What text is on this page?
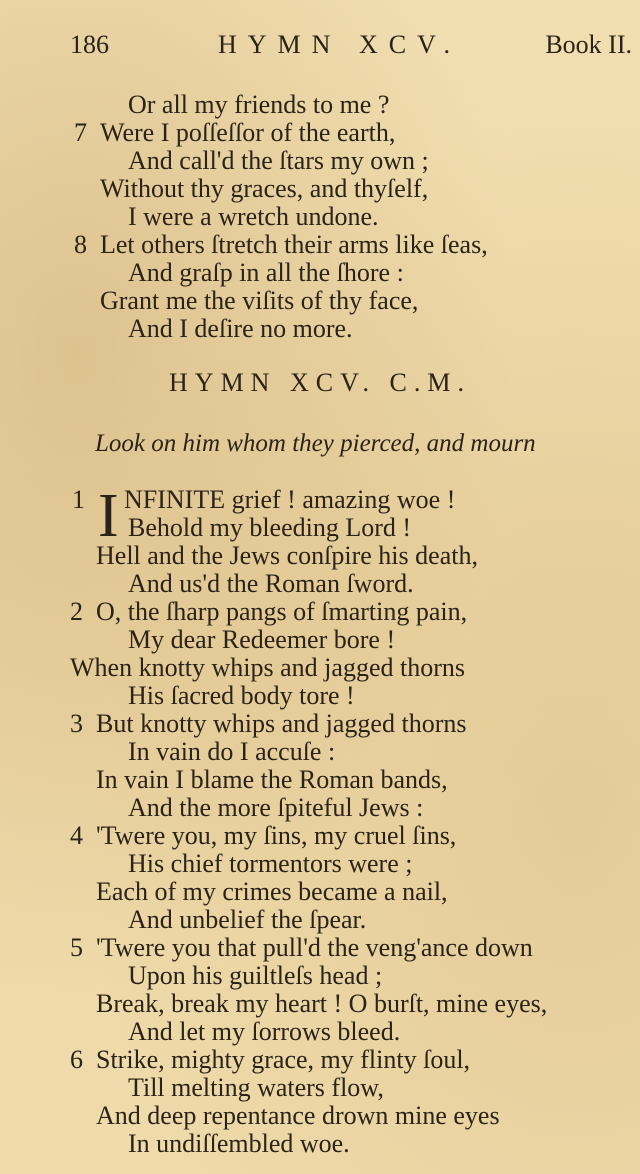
186	HYMN XCV.	Book II.
Or all my friends to me ?
7 Were I poſſeſſor of the earth,
And call'd the ſtars my own ;
Without thy graces, and thyſelf,
I were a wretch undone.
8 Let others ſtretch their arms like ſeas,
And graſp in all the ſhore :
Grant me the viſits of thy face,
And I deſire no more.
HYMN XCV. C.M.
Look on him whom they pierced, and mourn
1 I NFINITE grief ! amazing woe !
Behold my bleeding Lord !
Hell and the Jews conſpire his death,
And us'd the Roman ſword.
2 O, the ſharp pangs of ſmarting pain,
My dear Redeemer bore !
When knotty whips and jagged thorns
His ſacred body tore !
3 But knotty whips and jagged thorns
In vain do I accuſe :
In vain I blame the Roman bands,
And the more ſpiteful Jews :
4 'Twere you, my ſins, my cruel ſins,
His chief tormentors were ;
Each of my crimes became a nail,
And unbelief the ſpear.
5 'Twere you that pull'd the veng'ance down
Upon his guiltleſs head ;
Break, break my heart ! O burſt, mine eyes,
And let my ſorrows bleed.
6 Strike, mighty grace, my flinty ſoul,
Till melting waters flow,
And deep repentance drown mine eyes
In undiſſembled woe.
